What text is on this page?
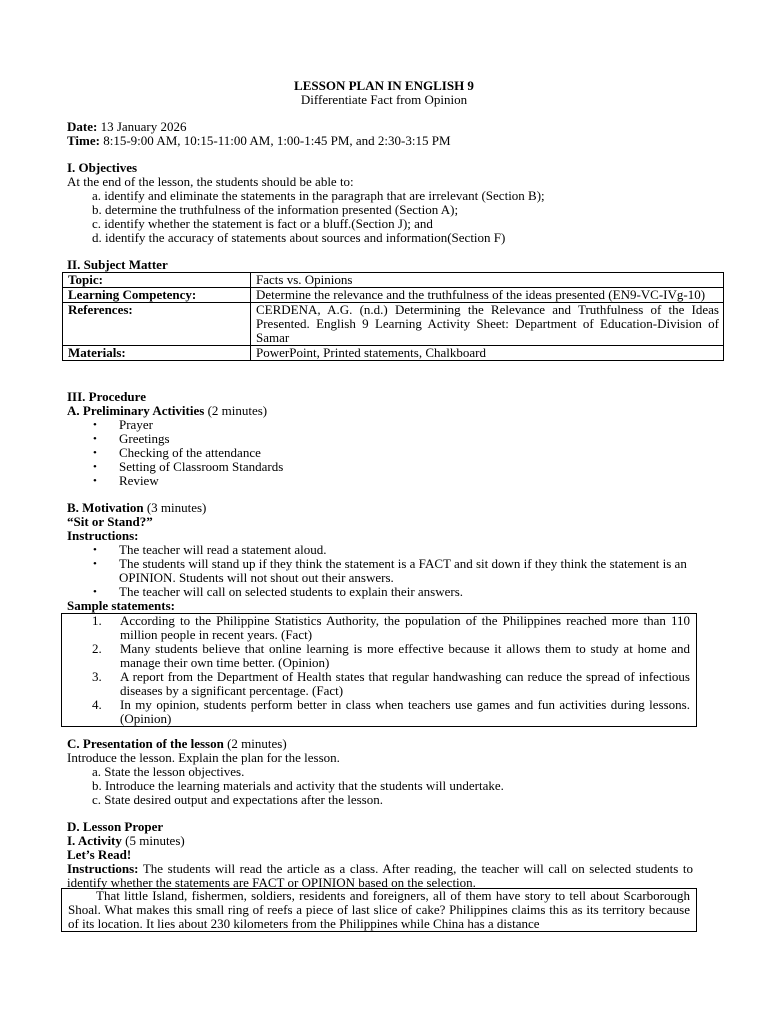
LESSON PLAN IN ENGLISH 9
Differentiate Fact from Opinion
Date: 13 January 2026
Time: 8:15-9:00 AM, 10:15-11:00 AM, 1:00-1:45 PM, and 2:30-3:15 PM
I. Objectives
At the end of the lesson, the students should be able to:
a. identify and eliminate the statements in the paragraph that are irrelevant (Section B);
b. determine the truthfulness of the information presented (Section A);
c. identify whether the statement is fact or a bluff.(Section J); and
d. identify the accuracy of statements about sources and information(Section F)
II. Subject Matter
Topic:	Facts vs. Opinions
Learning Competency:	Determine the relevance and the truthfulness of the ideas presented (EN9-VC-IVg-10)
References:	CERDENA, A.G. (n.d.) Determining the Relevance and Truthfulness of the Ideas Presented. English 9 Learning Activity Sheet: Department of Education-Division of Samar
Materials:	PowerPoint, Printed statements, Chalkboard
III. Procedure
A. Preliminary Activities (2 minutes)
• Prayer
• Greetings
• Checking of the attendance
• Setting of Classroom Standards
• Review
B. Motivation (3 minutes)
“Sit or Stand?”
Instructions:
• The teacher will read a statement aloud.
• The students will stand up if they think the statement is a FACT and sit down if they think the statement is an OPINION. Students will not shout out their answers.
• The teacher will call on selected students to explain their answers.
Sample statements:
1. According to the Philippine Statistics Authority, the population of the Philippines reached more than 110 million people in recent years. (Fact)
2. Many students believe that online learning is more effective because it allows them to study at home and manage their own time better. (Opinion)
3. A report from the Department of Health states that regular handwashing can reduce the spread of infectious diseases by a significant percentage. (Fact)
4. In my opinion, students perform better in class when teachers use games and fun activities during lessons. (Opinion)
C. Presentation of the lesson (2 minutes)
Introduce the lesson. Explain the plan for the lesson.
a. State the lesson objectives.
b. Introduce the learning materials and activity that the students will undertake.
c. State desired output and expectations after the lesson.
D. Lesson Proper
I. Activity (5 minutes)
Let’s Read!
Instructions: The students will read the article as a class. After reading, the teacher will call on selected students to identify whether the statements are FACT or OPINION based on the selection.
That little Island, fishermen, soldiers, residents and foreigners, all of them have story to tell about Scarborough Shoal. What makes this small ring of reefs a piece of last slice of cake? Philippines claims this as its territory because of its location. It lies about 230 kilometers from the Philippines while China has a distance
